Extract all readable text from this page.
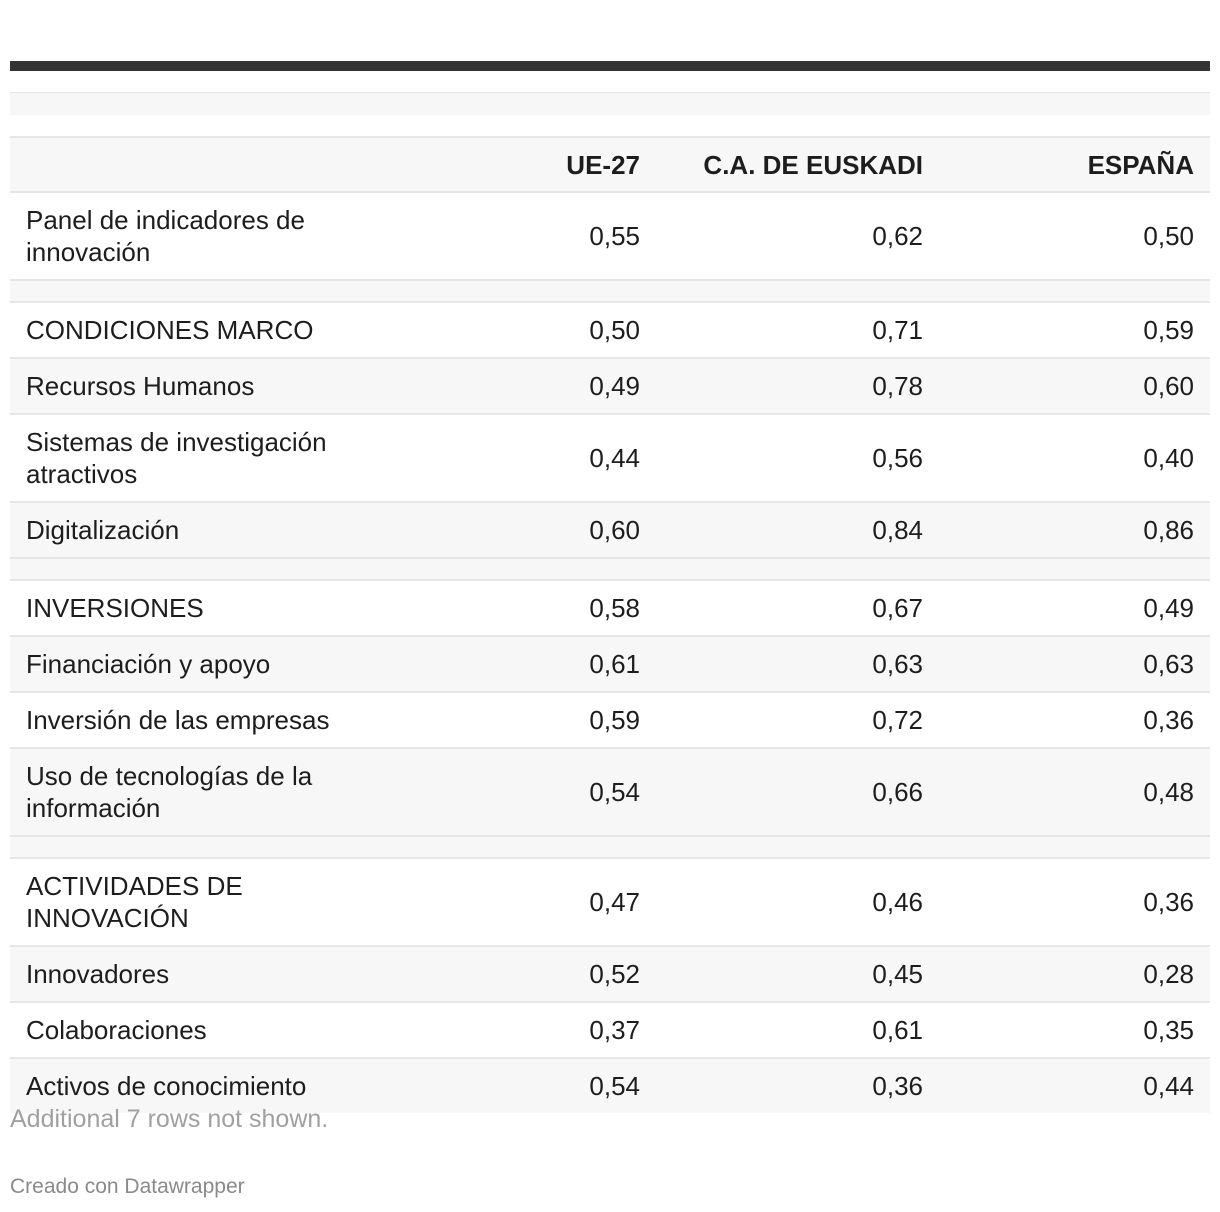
	UE-27	C.A. DE EUSKADI	ESPAÑA
Panel de indicadores de innovación	0,55	0,62	0,50

CONDICIONES MARCO	0,50	0,71	0,59
Recursos Humanos	0,49	0,78	0,60
Sistemas de investigación atractivos	0,44	0,56	0,40
Digitalización	0,60	0,84	0,86

INVERSIONES	0,58	0,67	0,49
Financiación y apoyo	0,61	0,63	0,63
Inversión de las empresas	0,59	0,72	0,36
Uso de tecnologías de la información	0,54	0,66	0,48

ACTIVIDADES DE INNOVACIÓN	0,47	0,46	0,36
Innovadores	0,52	0,45	0,28
Colaboraciones	0,37	0,61	0,35
Activos de conocimiento	0,54	0,36	0,44
Additional 7 rows not shown.
Creado con Datawrapper
